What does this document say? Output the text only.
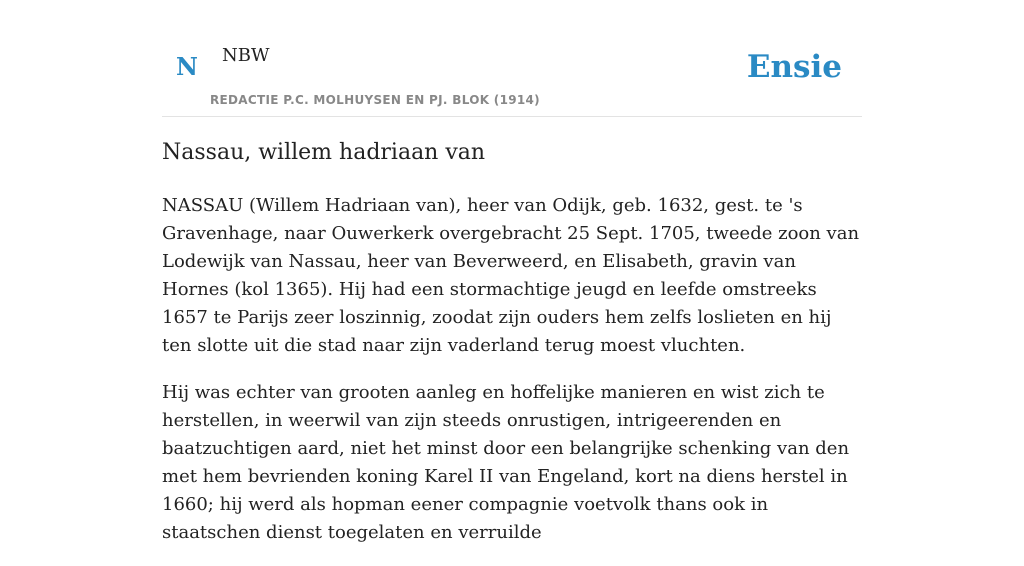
N NBW
REDACTIE P.C. MOLHUYSEN EN PJ. BLOK (1914)
Ensie
Nassau, willem hadriaan van

NASSAU (Willem Hadriaan van), heer van Odijk, geb. 1632, gest. te 's Gravenhage, naar Ouwerkerk overgebracht 25 Sept. 1705, tweede zoon van Lodewijk van Nassau, heer van Beverweerd, en Elisabeth, gravin van Hornes (kol 1365). Hij had een stormachtige jeugd en leefde omstreeks 1657 te Parijs zeer loszinnig, zoodat zijn ouders hem zelfs loslieten en hij ten slotte uit die stad naar zijn vaderland terug moest vluchten.

Hij was echter van grooten aanleg en hoffelijke manieren en wist zich te herstellen, in weerwil van zijn steeds onrustigen, intrigeerenden en baatzuchtigen aard, niet het minst door een belangrijke schenking van den met hem bevrienden koning Karel II van Engeland, kort na diens herstel in 1660; hij werd als hopman eener compagnie voetvolk thans ook in staatschen dienst toegelaten en verruilde
